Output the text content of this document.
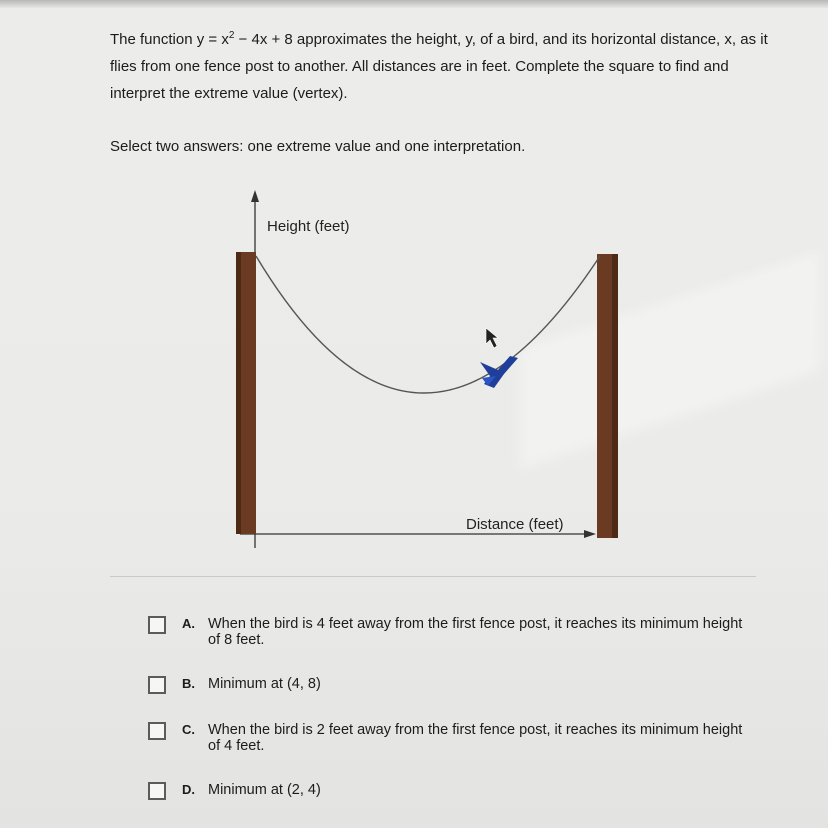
The function $y = x^2 - 4x + 8$ approximates the height, y, of a bird, and its horizontal distance, x, as it flies from one fence post to another. All distances are in feet. Complete the square to find and interpret the extreme value (vertex).
Select two answers: one extreme value and one interpretation.
Height (feet)
Distance (feet)
A. When the bird is 4 feet away from the first fence post, it reaches its minimum height of 8 feet.
B. Minimum at (4, 8)
C. When the bird is 2 feet away from the first fence post, it reaches its minimum height of 4 feet.
D. Minimum at (2, 4)
